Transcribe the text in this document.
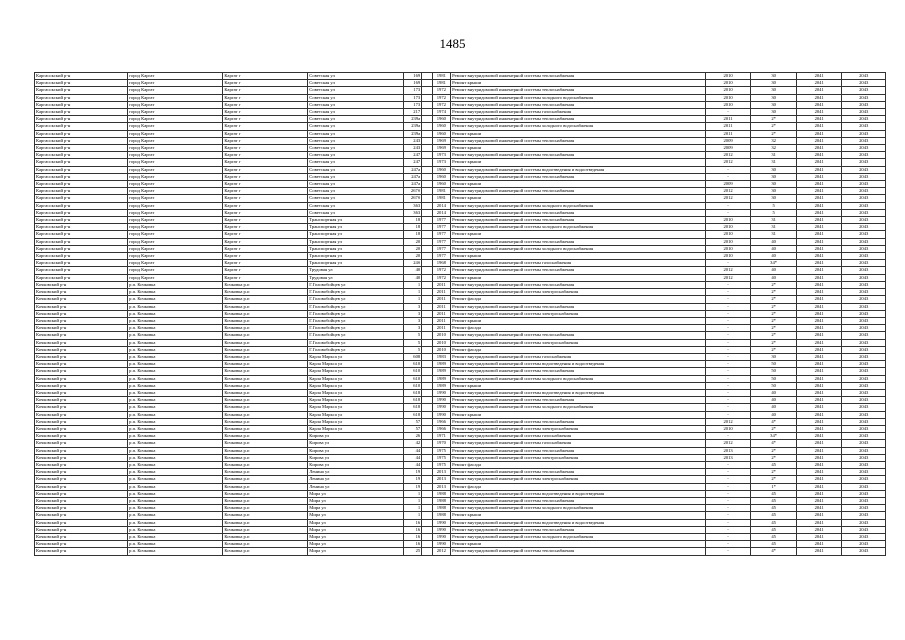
1485
Каргасокский р-н	город Каргат	Каргат г	Советская ул	169		1981	Ремонт внутридомовой инженерной системы теплоснабжения	2010	30	2041	2043
Каргасокский р-н	город Каргат	Каргат г	Советская ул	169		1981	Ремонт крыши	2010	30	2041	2043
Каргасокский р-н	город Каргат	Каргат г	Советская ул	173		1972	Ремонт внутридомовой инженерной системы теплоснабжения	2010	30	2041	2043
Каргасокский р-н	город Каргат	Каргат г	Советская ул	173		1972	Ремонт внутридомовой инженерной системы холодного водоснабжения	2010	30	2041	2043
Каргасокский р-н	город Каргат	Каргат г	Советская ул	173		1972	Ремонт внутридомовой инженерной системы теплоснабжения	2010	30	2041	2043
Каргасокский р-н	город Каргат	Каргат г	Советская ул	217		1974	Ремонт внутридомовой инженерной системы газоснабжения	-	30	2041	2043
Каргасокский р-н	город Каргат	Каргат г	Советская ул	239а		1960	Ремонт внутридомовой инженерной системы теплоснабжения	2011	2*	2041	2043
Каргасокский р-н	город Каргат	Каргат г	Советская ул	239а		1960	Ремонт внутридомовой инженерной системы холодного водоснабжения	2011	2*	2041	2043
Каргасокский р-н	город Каргат	Каргат г	Советская ул	239а		1960	Ремонт крыши	2011	2*	2041	2043
Каргасокский р-н	город Каргат	Каргат г	Советская ул	243		1969	Ремонт внутридомовой инженерной системы теплоснабжения	2009	32	2041	2043
Каргасокский р-н	город Каргат	Каргат г	Советская ул	243		1969	Ремонт крыши	2009	32	2041	2043
Каргасокский р-н	город Каргат	Каргат г	Советская ул	247		1973	Ремонт внутридомовой инженерной системы теплоснабжения	2012	31	2041	2043
Каргасокский р-н	город Каргат	Каргат г	Советская ул	247		1973	Ремонт крыши	2012	31	2041	2043
Каргасокский р-н	город Каргат	Каргат г	Советская ул	247а		1960	Ремонт внутридомовой инженерной системы водоотведения и водоотведения	-	30	2041	2043
Каргасокский р-н	город Каргат	Каргат г	Советская ул	247а		1960	Ремонт внутридомовой инженерной системы теплоснабжения	-	30	2041	2043
Каргасокский р-н	город Каргат	Каргат г	Советская ул	247а		1960	Ремонт крыши	2009	30	2041	2043
Каргасокский р-н	город Каргат	Каргат г	Советская ул	267б		1981	Ремонт внутридомовой инженерной системы теплоснабжения	2012	30	2041	2043
Каргасокский р-н	город Каргат	Каргат г	Советская ул	267б		1981	Ремонт крыши	2012	30	2041	2043
Каргасокский р-н	город Каргат	Каргат г	Советская ул	363		2014	Ремонт внутридомовой инженерной системы холодного водоснабжения	-	5	2041	2043
Каргасокский р-н	город Каргат	Каргат г	Советская ул	363		2014	Ремонт внутридомовой инженерной системы теплоснабжения	-	5	2041	2043
Каргасокский р-н	город Каргат	Каргат г	Транспортная ул	18		1977	Ремонт внутридомовой инженерной системы теплоснабжения	2010	31	2041	2043
Каргасокский р-н	город Каргат	Каргат г	Транспортная ул	18		1977	Ремонт внутридомовой инженерной системы холодного водоснабжения	2010	31	2041	2043
Каргасокский р-н	город Каргат	Каргат г	Транспортная ул	18		1977	Ремонт крыши	2010	31	2041	2043
Каргасокский р-н	город Каргат	Каргат г	Транспортная ул	20		1977	Ремонт внутридомовой инженерной системы теплоснабжения	2010	40	2041	2043
Каргасокский р-н	город Каргат	Каргат г	Транспортная ул	20		1977	Ремонт внутридомовой инженерной системы холодного водоснабжения	2010	40	2041	2043
Каргасокский р-н	город Каргат	Каргат г	Транспортная ул	20		1977	Ремонт крыши	2010	40	2041	2043
Каргасокский р-н	город Каргат	Каргат г	Транспортная ул	24б		1968	Ремонт внутридомовой инженерной системы газоснабжения	-	34*	2041	2043
Каргасокский р-н	город Каргат	Каргат г	Трудовая ул	40		1972	Ремонт внутридомовой инженерной системы теплоснабжения	2012	40	2041	2043
Каргасокский р-н	город Каргат	Каргат г	Трудовая ул	40		1972	Ремонт крыши	2012	40	2041	2043
Кочковский р-н	р.п. Кочковка	Кочковка р.п	Г.Головобойцев ул	1		2011	Ремонт внутридомовой инженерной системы теплоснабжения	-	2*	2041	2043
Кочковский р-н	р.п. Кочковка	Кочковка р.п	Г.Головобойцев ул	1		2011	Ремонт внутридомовой инженерной системы электроснабжения	-	2*	2041	2043
Кочковский р-н	р.п. Кочковка	Кочковка р.п	Г.Головобойцев ул	1		2011	Ремонт фасада	-	2*	2041	2043
Кочковский р-н	р.п. Кочковка	Кочковка р.п	Г.Головобойцев ул	3		2011	Ремонт внутридомовой инженерной системы теплоснабжения	-	2*	2041	2043
Кочковский р-н	р.п. Кочковка	Кочковка р.п	Г.Головобойцев ул	3		2011	Ремонт внутридомовой инженерной системы электроснабжения	-	2*	2041	2043
Кочковский р-н	р.п. Кочковка	Кочковка р.п	Г.Головобойцев ул	3		2011	Ремонт крыши	-	2*	2041	2043
Кочковский р-н	р.п. Кочковка	Кочковка р.п	Г.Головобойцев ул	3		2011	Ремонт фасада	-	2*	2041	2043
Кочковский р-н	р.п. Кочковка	Кочковка р.п	Г.Головобойцев ул	5		2010	Ремонт внутридомовой инженерной системы теплоснабжения	-	2*	2041	2043
Кочковский р-н	р.п. Кочковка	Кочковка р.п	Г.Головобойцев ул	5		2010	Ремонт внутридомовой инженерной системы электроснабжения	-	2*	2041	2043
Кочковский р-н	р.п. Кочковка	Кочковка р.п	Г.Головобойцев ул	5		2010	Ремонт фасада	-	2*	2041	2043
Кочковский р-н	р.п. Кочковка	Кочковка р.п	Карла Маркса ул	608		1983	Ремонт внутридомовой инженерной системы газоснабжения	-	30	2041	2043
Кочковский р-н	р.п. Кочковка	Кочковка р.п	Карла Маркса ул	610		1989	Ремонт внутридомовой инженерной системы водоотведения и водоотведения	-	50	2041	2043
Кочковский р-н	р.п. Кочковка	Кочковка р.п	Карла Маркса ул	610		1989	Ремонт внутридомовой инженерной системы теплоснабжения	-	50	2041	2043
Кочковский р-н	р.п. Кочковка	Кочковка р.п	Карла Маркса ул	610		1989	Ремонт внутридомовой инженерной системы холодного водоснабжения	-	50	2041	2043
Кочковский р-н	р.п. Кочковка	Кочковка р.п	Карла Маркса ул	610		1989	Ремонт крыши	-	50	2041	2043
Кочковский р-н	р.п. Кочковка	Кочковка р.п	Карла Маркса ул	618		1990	Ремонт внутридомовой инженерной системы водоотведения и водоотведения	-	40	2041	2043
Кочковский р-н	р.п. Кочковка	Кочковка р.п	Карла Маркса ул	618		1990	Ремонт внутридомовой инженерной системы теплоснабжения	-	40	2041	2043
Кочковский р-н	р.п. Кочковка	Кочковка р.п	Карла Маркса ул	618		1990	Ремонт внутридомовой инженерной системы холодного водоснабжения	-	40	2041	2043
Кочковский р-н	р.п. Кочковка	Кочковка р.п	Карла Маркса ул	618		1990	Ремонт крыши	-	40	2041	2043
Кочковский р-н	р.п. Кочковка	Кочковка р.п	Карла Маркса ул	57		1966	Ремонт внутридомовой инженерной системы теплоснабжения	2012	4*	2041	2043
Кочковский р-н	р.п. Кочковка	Кочковка р.п	Карла Маркса ул	57		1966	Ремонт внутридомовой инженерной системы электроснабжения	2010	2*	2041	2043
Кочковский р-н	р.п. Кочковка	Кочковка р.п	Кирова ул	26		1971	Ремонт внутридомовой инженерной системы газоснабжения	-	34*	2041	2043
Кочковский р-н	р.п. Кочковка	Кочковка р.п	Кирова ул	42		1970	Ремонт внутридомовой инженерной системы газоснабжения	2012	4*	2041	2043
Кочковский р-н	р.п. Кочковка	Кочковка р.п	Кирова ул	44		1975	Ремонт внутридомовой инженерной системы теплоснабжения	2013	2*	2041	2043
Кочковский р-н	р.п. Кочковка	Кочковка р.п	Кирова ул	44		1975	Ремонт внутридомовой инженерной системы электроснабжения	2013	2*	2041	2043
Кочковский р-н	р.п. Кочковка	Кочковка р.п	Кирова ул	44		1975	Ремонт фасада	-	45	2041	2043
Кочковский р-н	р.п. Кочковка	Кочковка р.п	Ленина ул	19		2013	Ремонт внутридомовой инженерной системы теплоснабжения	-	2*	2041	2043
Кочковский р-н	р.п. Кочковка	Кочковка р.п	Ленина ул	19		2013	Ремонт внутридомовой инженерной системы электроснабжения	-	2*	2041	2043
Кочковский р-н	р.п. Кочковка	Кочковка р.п	Ленина ул	19		2013	Ремонт фасада	-	1*	2041	2043
Кочковский р-н	р.п. Кочковка	Кочковка р.п	Мира ул	1		1988	Ремонт внутридомовой инженерной системы водоотведения и водоотведения	-	45	2041	2043
Кочковский р-н	р.п. Кочковка	Кочковка р.п	Мира ул	1		1988	Ремонт внутридомовой инженерной системы теплоснабжения	-	45	2041	2043
Кочковский р-н	р.п. Кочковка	Кочковка р.п	Мира ул	1		1988	Ремонт внутридомовой инженерной системы холодного водоснабжения	-	45	2041	2043
Кочковский р-н	р.п. Кочковка	Кочковка р.п	Мира ул	1		1988	Ремонт крыши	-	45	2041	2043
Кочковский р-н	р.п. Кочковка	Кочковка р.п	Мира ул	16		1990	Ремонт внутридомовой инженерной системы водоотведения и водоотведения	-	45	2041	2043
Кочковский р-н	р.п. Кочковка	Кочковка р.п	Мира ул	16		1990	Ремонт внутридомовой инженерной системы теплоснабжения	-	45	2041	2043
Кочковский р-н	р.п. Кочковка	Кочковка р.п	Мира ул	16		1990	Ремонт внутридомовой инженерной системы холодного водоснабжения	-	45	2041	2043
Кочковский р-н	р.п. Кочковка	Кочковка р.п	Мира ул	16		1990	Ремонт крыши	-	45	2041	2043
Кочковский р-н	р.п. Кочковка	Кочковка р.п	Мира ул	25		2012	Ремонт внутридомовой инженерной системы теплоснабжения	-	4*	2041	2043
